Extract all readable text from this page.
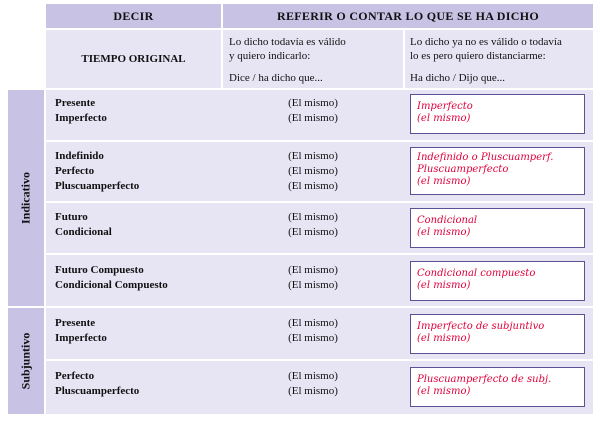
DECIR	REFERIR O CONTAR LO QUE SE HA DICHO
TIEMPO ORIGINAL
Lo dicho todavía es válido
y quiero indicarlo:
Dice / ha dicho que...
Lo dicho ya no es válido o todavía
lo es pero quiero distanciarme:
Ha dicho / Dijo que...
Indicativo
Subjuntivo
Presente
Imperfecto
(El mismo)
(El mismo)
Imperfecto
(el mismo)
Indefinido
Perfecto
Pluscuamperfecto
(El mismo)
(El mismo)
(El mismo)
Indefinido o Pluscuamperf.
Pluscuamperfecto
(el mismo)
Futuro
Condicional
(El mismo)
(El mismo)
Condicional
(el mismo)
Futuro Compuesto
Condicional Compuesto
(El mismo)
(El mismo)
Condicional compuesto
(el mismo)
Presente
Imperfecto
(El mismo)
(El mismo)
Imperfecto de subjuntivo
(el mismo)
Perfecto
Pluscuamperfecto
(El mismo)
(El mismo)
Pluscuamperfecto de subj.
(el mismo)
